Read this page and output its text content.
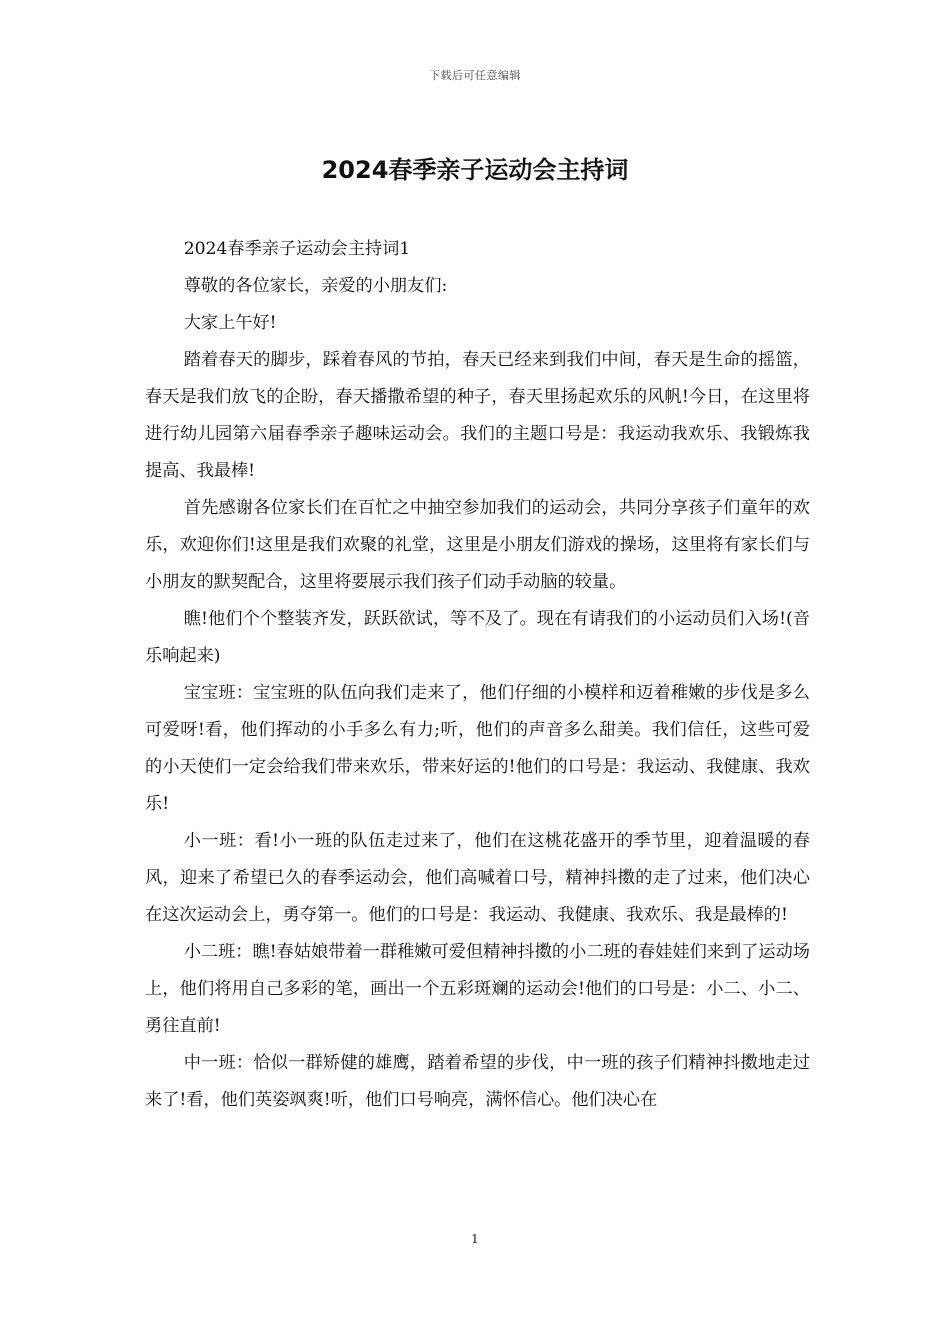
下载后可任意编辑
2024春季亲子运动会主持词

2024春季亲子运动会主持词1

尊敬的各位家长，亲爱的小朋友们:

大家上午好!

踏着春天的脚步，踩着春风的节拍，春天已经来到我们中间，春天是生命的摇篮，春天是我们放飞的企盼，春天播撒希望的种子，春天里扬起欢乐的风帆!今日，在这里将进行幼儿园第六届春季亲子趣味运动会。我们的主题口号是：我运动我欢乐、我锻炼我提高、我最棒!

首先感谢各位家长们在百忙之中抽空参加我们的运动会，共同分享孩子们童年的欢乐，欢迎你们!这里是我们欢聚的礼堂，这里是小朋友们游戏的操场，这里将有家长们与小朋友的默契配合，这里将要展示我们孩子们动手动脑的较量。

瞧!他们个个整装齐发，跃跃欲试，等不及了。现在有请我们的小运动员们入场!(音乐响起来)

宝宝班：宝宝班的队伍向我们走来了，他们仔细的小模样和迈着稚嫩的步伐是多么可爱呀!看，他们挥动的小手多么有力;听，他们的声音多么甜美。我们信任，这些可爱的小天使们一定会给我们带来欢乐，带来好运的!他们的口号是：我运动、我健康、我欢乐!

小一班：看!小一班的队伍走过来了，他们在这桃花盛开的季节里，迎着温暖的春风，迎来了希望已久的春季运动会，他们高喊着口号，精神抖擞的走了过来，他们决心在这次运动会上，勇夺第一。他们的口号是：我运动、我健康、我欢乐、我是最棒的!

小二班：瞧!春姑娘带着一群稚嫩可爱但精神抖擞的小二班的春娃娃们来到了运动场上，他们将用自己多彩的笔，画出一个五彩斑斓的运动会!他们的口号是：小二、小二、勇往直前!

中一班：恰似一群矫健的雄鹰，踏着希望的步伐，中一班的孩子们精神抖擞地走过来了!看，他们英姿飒爽!听，他们口号响亮，满怀信心。他们决心在

1
